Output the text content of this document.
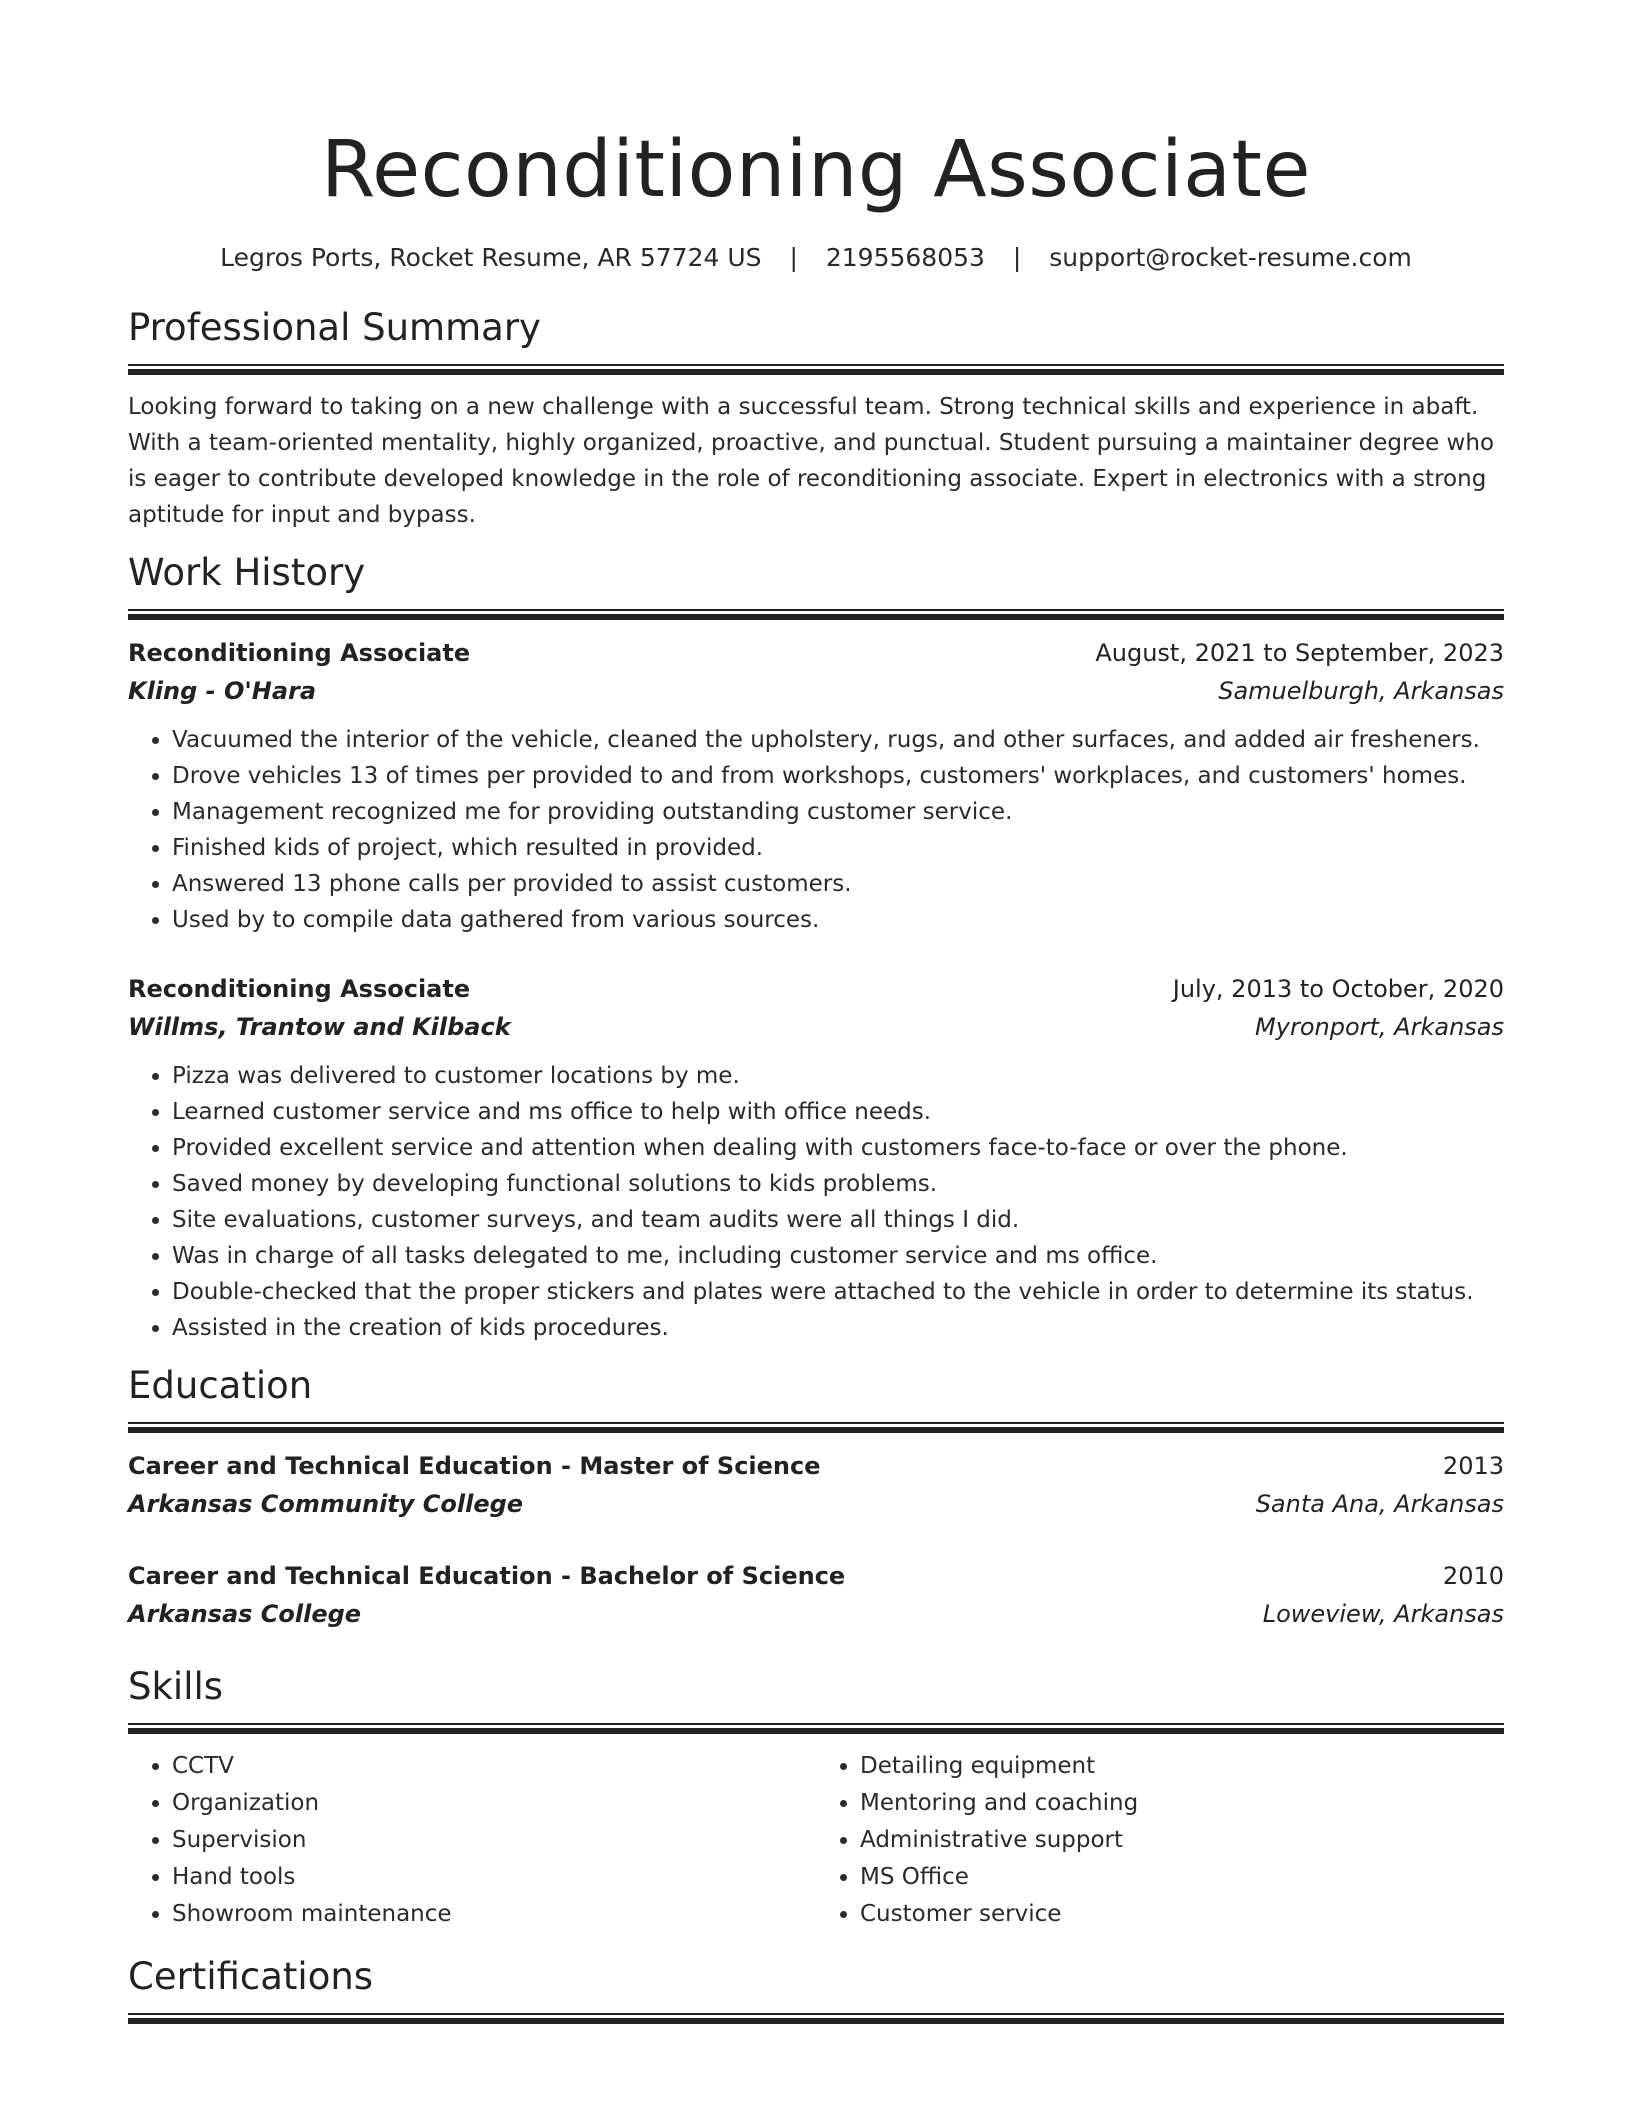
Reconditioning Associate
Legros Ports, Rocket Resume, AR 57724 US | 2195568053 | support@rocket-resume.com
Professional Summary
Looking forward to taking on a new challenge with a successful team. Strong technical skills and experience in abaft. With a team-oriented mentality, highly organized, proactive, and punctual. Student pursuing a maintainer degree who is eager to contribute developed knowledge in the role of reconditioning associate. Expert in electronics with a strong aptitude for input and bypass.
Work History
Reconditioning Associate	August, 2021 to September, 2023
Kling - O'Hara	Samuelburgh, Arkansas
• Vacuumed the interior of the vehicle, cleaned the upholstery, rugs, and other surfaces, and added air fresheners.
• Drove vehicles 13 of times per provided to and from workshops, customers' workplaces, and customers' homes.
• Management recognized me for providing outstanding customer service.
• Finished kids of project, which resulted in provided.
• Answered 13 phone calls per provided to assist customers.
• Used by to compile data gathered from various sources.
Reconditioning Associate	July, 2013 to October, 2020
Willms, Trantow and Kilback	Myronport, Arkansas
• Pizza was delivered to customer locations by me.
• Learned customer service and ms office to help with office needs.
• Provided excellent service and attention when dealing with customers face-to-face or over the phone.
• Saved money by developing functional solutions to kids problems.
• Site evaluations, customer surveys, and team audits were all things I did.
• Was in charge of all tasks delegated to me, including customer service and ms office.
• Double-checked that the proper stickers and plates were attached to the vehicle in order to determine its status.
• Assisted in the creation of kids procedures.
Education
Career and Technical Education - Master of Science	2013
Arkansas Community College	Santa Ana, Arkansas
Career and Technical Education - Bachelor of Science	2010
Arkansas College	Loweview, Arkansas
Skills
• CCTV
• Organization
• Supervision
• Hand tools
• Showroom maintenance
• Detailing equipment
• Mentoring and coaching
• Administrative support
• MS Office
• Customer service
Certifications
